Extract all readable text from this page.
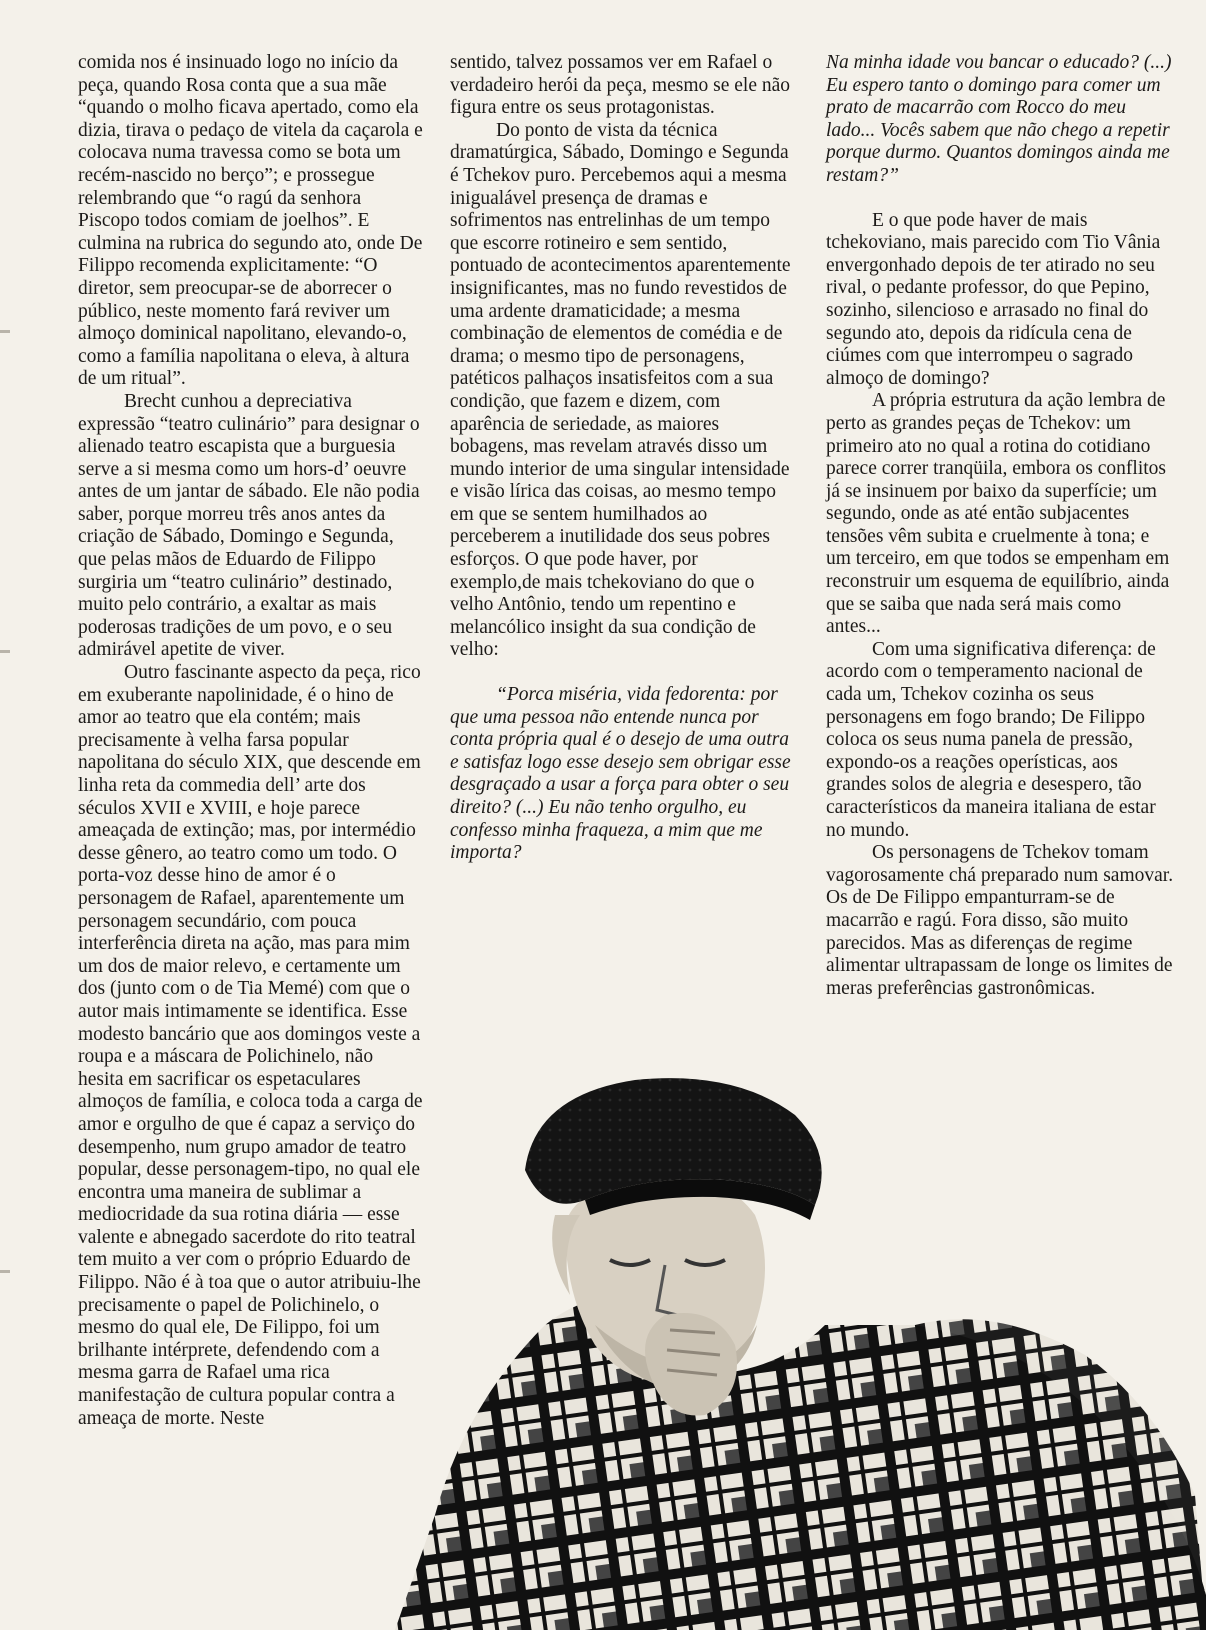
comida nos é insinuado logo no início da peça, quando Rosa conta que a sua mãe “quando o molho ficava apertado, como ela dizia, tirava o pedaço de vitela da caçarola e colocava numa travessa como se bota um recém-nascido no berço”; e prossegue relembrando que “o ragú da senhora Piscopo todos comiam de joelhos”. E culmina na rubrica do segundo ato, onde De Filippo recomenda explicitamente: “O diretor, sem preocupar-se de aborrecer o público, neste momento fará reviver um almoço dominical napolitano, elevando-o, como a família napolitana o eleva, à altura de um ritual”.

Brecht cunhou a depreciativa expressão “teatro culinário” para designar o alienado teatro escapista que a burguesia serve a si mesma como um hors-d’ oeuvre antes de um jantar de sábado. Ele não podia saber, porque morreu três anos antes da criação de Sábado, Domingo e Segunda, que pelas mãos de Eduardo de Filippo surgiria um “teatro culinário” destinado, muito pelo contrário, a exaltar as mais poderosas tradições de um povo, e o seu admirável apetite de viver.

Outro fascinante aspecto da peça, rico em exuberante napolinidade, é o hino de amor ao teatro que ela contém; mais precisamente à velha farsa popular napolitana do século XIX, que descende em linha reta da commedia dell’ arte dos séculos XVII e XVIII, e hoje parece ameaçada de extinção; mas, por intermédio desse gênero, ao teatro como um todo. O porta-voz desse hino de amor é o personagem de Rafael, aparentemente um personagem secundário, com pouca interferência direta na ação, mas para mim um dos de maior relevo, e certamente um dos (junto com o de Tia Memé) com que o autor mais intimamente se identifica. Esse modesto bancário que aos domingos veste a roupa e a máscara de Polichinelo, não hesita em sacrificar os espetaculares almoços de família, e coloca toda a carga de amor e orgulho de que é capaz a serviço do desempenho, num grupo amador de teatro popular, desse personagem-tipo, no qual ele encontra uma maneira de sublimar a mediocridade da sua rotina diária — esse valente e abnegado sacerdote do rito teatral tem muito a ver com o próprio Eduardo de Filippo. Não é à toa que o autor atribuiu-lhe precisamente o papel de Polichinelo, o mesmo do qual ele, De Filippo, foi um brilhante intérprete, defendendo com a mesma garra de Rafael uma rica manifestação de cultura popular contra a ameaça de morte. Neste

sentido, talvez possamos ver em Rafael o verdadeiro herói da peça, mesmo se ele não figura entre os seus protagonistas.

Do ponto de vista da técnica dramatúrgica, Sábado, Domingo e Segunda é Tchekov puro. Percebemos aqui a mesma inigualável presença de dramas e sofrimentos nas entrelinhas de um tempo que escorre rotineiro e sem sentido, pontuado de acontecimentos aparentemente insignificantes, mas no fundo revestidos de uma ardente dramaticidade; a mesma combinação de elementos de comédia e de drama; o mesmo tipo de personagens, patéticos palhaços insatisfeitos com a sua condição, que fazem e dizem, com aparência de seriedade, as maiores bobagens, mas revelam através disso um mundo interior de uma singular intensidade e visão lírica das coisas, ao mesmo tempo em que se sentem humilhados ao perceberem a inutilidade dos seus pobres esforços. O que pode haver, por exemplo,de mais tchekoviano do que o velho Antônio, tendo um repentino e melancólico insight da sua condição de velho:

“Porca miséria, vida fedorenta: por que uma pessoa não entende nunca por conta própria qual é o desejo de uma outra e satisfaz logo esse desejo sem obrigar esse desgraçado a usar a força para obter o seu direito? (...) Eu não tenho orgulho, eu confesso minha fraqueza, a mim que me importa?

Na minha idade vou bancar o educado? (...) Eu espero tanto o domingo para comer um prato de macarrão com Rocco do meu lado... Vocês sabem que não chego a repetir porque durmo. Quantos domingos ainda me restam?”

E o que pode haver de mais tchekoviano, mais parecido com Tio Vânia envergonhado depois de ter atirado no seu rival, o pedante professor, do que Pepino, sozinho, silencioso e arrasado no final do segundo ato, depois da ridícula cena de ciúmes com que interrompeu o sagrado almoço de domingo?

A própria estrutura da ação lembra de perto as grandes peças de Tchekov: um primeiro ato no qual a rotina do cotidiano parece correr tranqüila, embora os conflitos já se insinuem por baixo da superfície; um segundo, onde as até então subjacentes tensões vêm subita e cruelmente à tona; e um terceiro, em que todos se empenham em reconstruir um esquema de equilíbrio, ainda que se saiba que nada será mais como antes...

Com uma significativa diferença: de acordo com o temperamento nacional de cada um, Tchekov cozinha os seus personagens em fogo brando; De Filippo coloca os seus numa panela de pressão, expondo-os a reações operísticas, aos grandes solos de alegria e desespero, tão característicos da maneira italiana de estar no mundo.

Os personagens de Tchekov tomam vagorosamente chá preparado num samovar. Os de De Filippo empanturram-se de macarrão e ragú. Fora disso, são muito parecidos. Mas as diferenças de regime alimentar ultrapassam de longe os limites de meras preferências gastronômicas.
